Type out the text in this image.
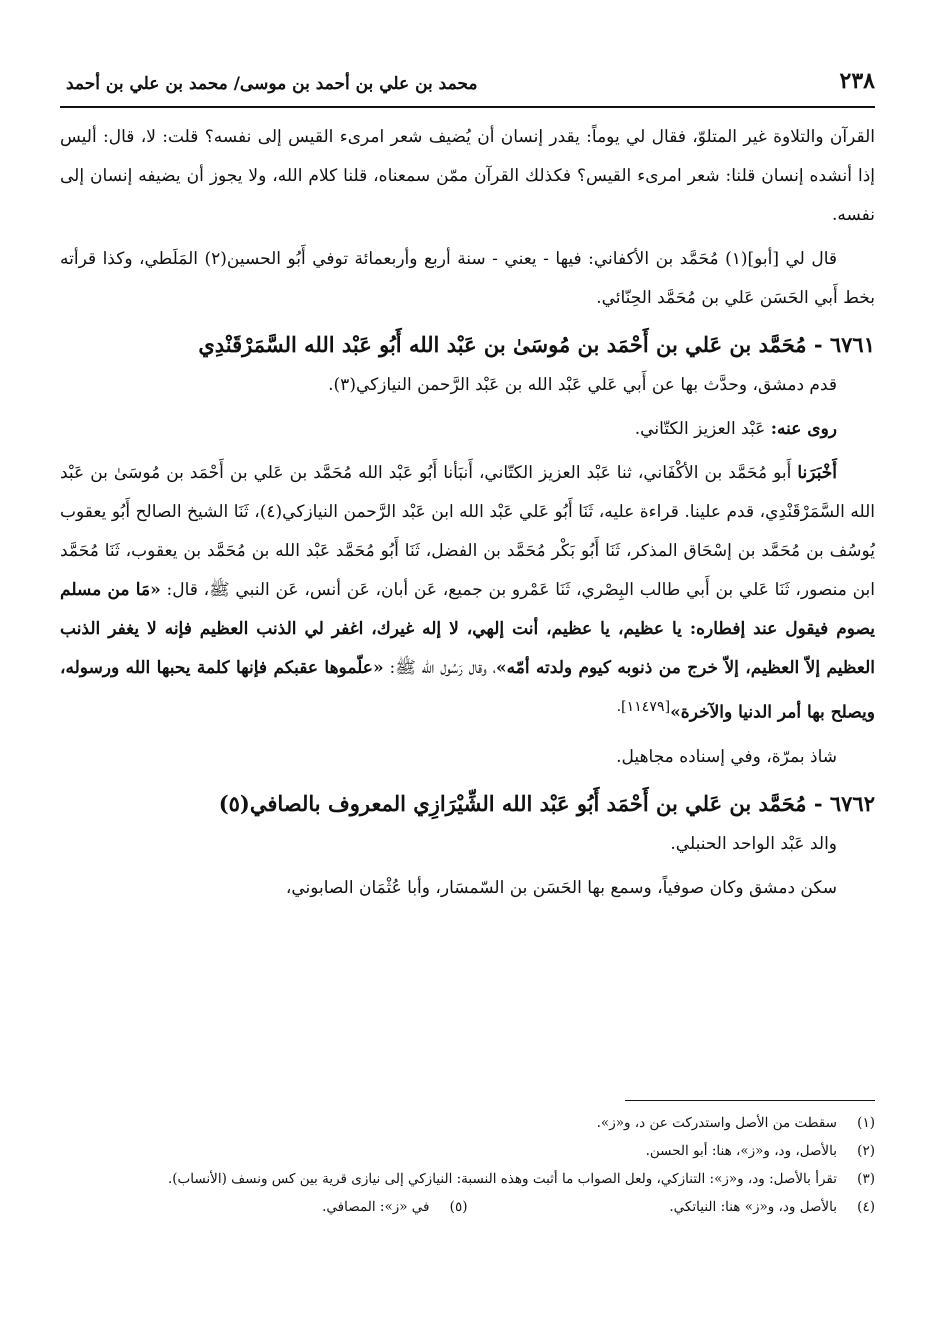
٢٣٨
محمد بن علي بن أحمد بن موسى/ محمد بن علي بن أحمد

القرآن والتلاوة غير المتلوّ، فقال لي يوماً: يقدر إنسان أن يُضيف شعر امرىء القيس إلى نفسه؟ قلت: لا، قال: أليس إذا أنشده إنسان قلنا: شعر امرىء القيس؟ فكذلك القرآن ممّن سمعناه، قلنا كلام الله، ولا يجوز أن يضيفه إنسان إلى نفسه.

قال لي [أبو](١) مُحَمَّد بن الأكفاني: فيها - يعني - سنة أربع وأربعمائة توفي أَبُو الحسين(٢) المَلَطي، وكذا قرأته بخط أَبي الحَسَن عَلي بن مُحَمَّد الحِنّائي.

٦٧٦١ - مُحَمَّد بن عَلي بن أَحْمَد بن مُوسَىٰ بن عَبْد الله أَبُو عَبْد الله السَّمَرْقَنْدِي

قدم دمشق، وحدَّث بها عن أَبي عَلي عَبْد الله بن عَبْد الرَّحمن النيازكي(٣).

روى عنه: عَبْد العزيز الكتّاني.

أَخْبَرَنا أَبو مُحَمَّد بن الأكْفَاني، ثنا عَبْد العزيز الكتّاني، أَنبَأنا أَبُو عَبْد الله مُحَمَّد بن عَلي بن أَحْمَد بن مُوسَىٰ بن عَبْد الله السَّمَرْقَنْدِي، قدم علينا. قراءة عليه، ثَنَا أَبُو عَلي عَبْد الله ابن عَبْد الرَّحمن النيازكي(٤)، ثَنَا الشيخ الصالح أَبُو يعقوب يُوسُف بن مُحَمَّد بن إسْحَاق المذكر، ثَنَا أَبُو بَكْر مُحَمَّد بن الفضل، ثَنَا أَبُو مُحَمَّد عَبْد الله بن مُحَمَّد بن يعقوب، ثَنَا مُحَمَّد ابن منصور، ثَنَا عَلي بن أَبي طالب البِصْري، ثَنَا عَمْرو بن جميع، عَن أبان، عَن أنس، عَن النبي ﷺ، قال: «مَا من مسلم يصوم فيقول عند إفطاره: يا عظيم، يا عظيم، أنت إلهي، لا إله غيرك، اغفر لي الذنب العظيم فإنه لا يغفر الذنب العظيم إلاّ العظيم، إلاّ خرج من ذنوبه كيوم ولدته أمّه»، وقال رَسُول الله ﷺ: «علّموها عقبكم فإنها كلمة يحبها الله ورسوله، ويصلح بها أمر الدنيا والآخرة»$^{[١١٤٧٩].}$

شاذ بمرّة، وفي إسناده مجاهيل.

٦٧٦٢ - مُحَمَّد بن عَلي بن أَحْمَد أَبُو عَبْد الله الشِّيْرَازِي المعروف بالصافي(٥)

والد عَبْد الواحد الحنبلي.

سكن دمشق وكان صوفياً، وسمع بها الحَسَن بن السّمسَار، وأبا عُثْمَان الصابوني،

(١)
سقطت من الأصل واستدركت عن د، و«ز».
(٢)
بالأصل، ود، و«ز»، هنا: أبو الحسن.
(٣)
تقرأ بالأصل: ود، و«ز»: التنازكي، ولعل الصواب ما أثبت وهذه النسبة: النيازكي إلى نيازى قرية بين كس ونسف (الأنساب).
(٤)
بالأصل ود، و«ز» هنا: النياتكي.
(٥)
في «ز»: المصافي.
